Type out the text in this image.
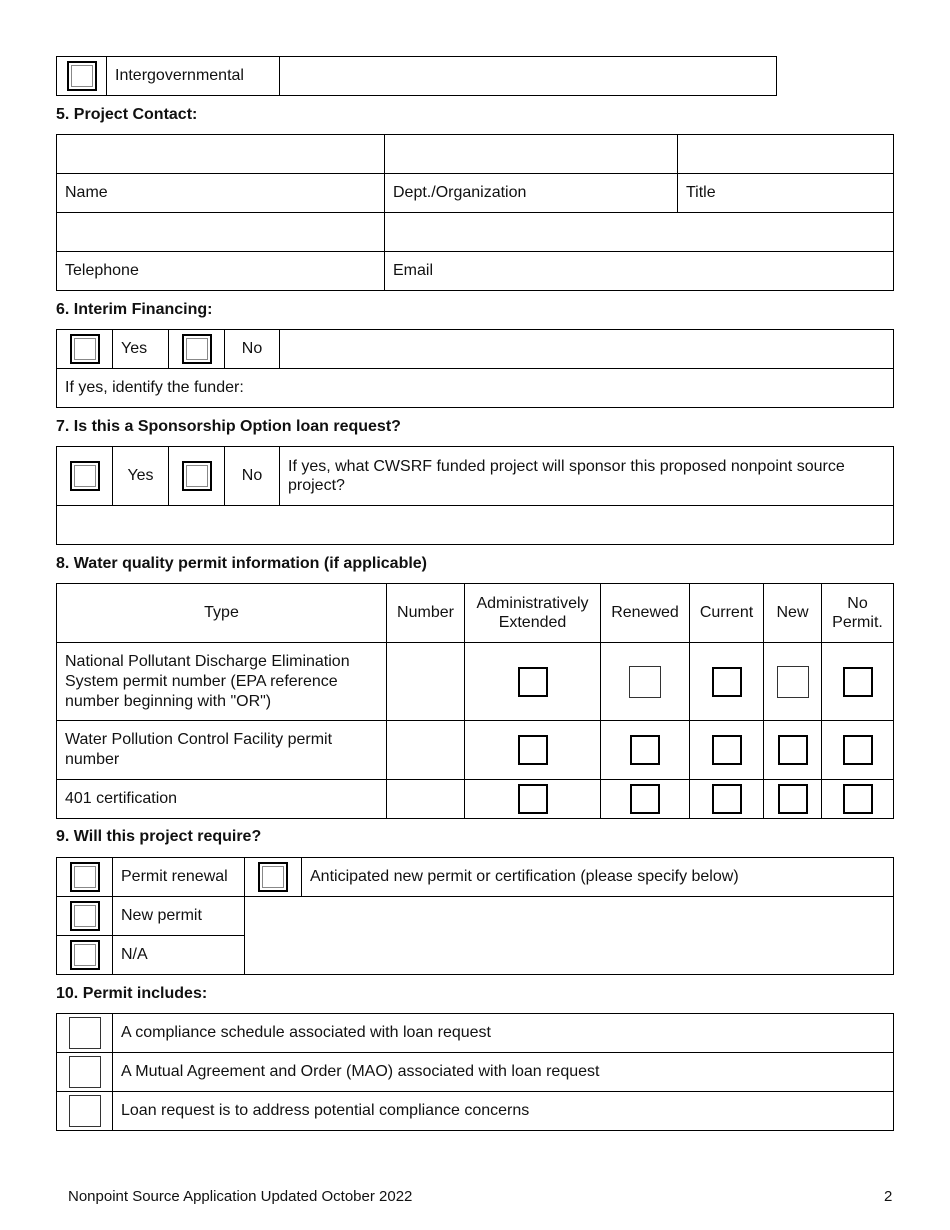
	Intergovernmental	
5. Project Contact:

Name	Dept./Organization	Title

Telephone	Email	
6. Interim Financing:
	Yes		No	
If yes, identify the funder:
7. Is this a Sponsorship Option loan request?
	Yes		No	If yes, what CWSRF funded project will sponsor this proposed nonpoint source project?

8. Water quality permit information (if applicable)
Type	Number	Administratively Extended	Renewed	Current	New	No Permit.
National Pollutant Discharge Elimination System permit number (EPA reference number beginning with "OR")						
Water Pollution Control Facility permit number						
401 certification						
9. Will this project require?
	Permit renewal		Anticipated new permit or certification (please specify below)
	New permit		
	N/A		
10. Permit includes:
	A compliance schedule associated with loan request
	A Mutual Agreement and Order (MAO) associated with loan request
	Loan request is to address potential compliance concerns
Nonpoint Source Application Updated October 2022	2
